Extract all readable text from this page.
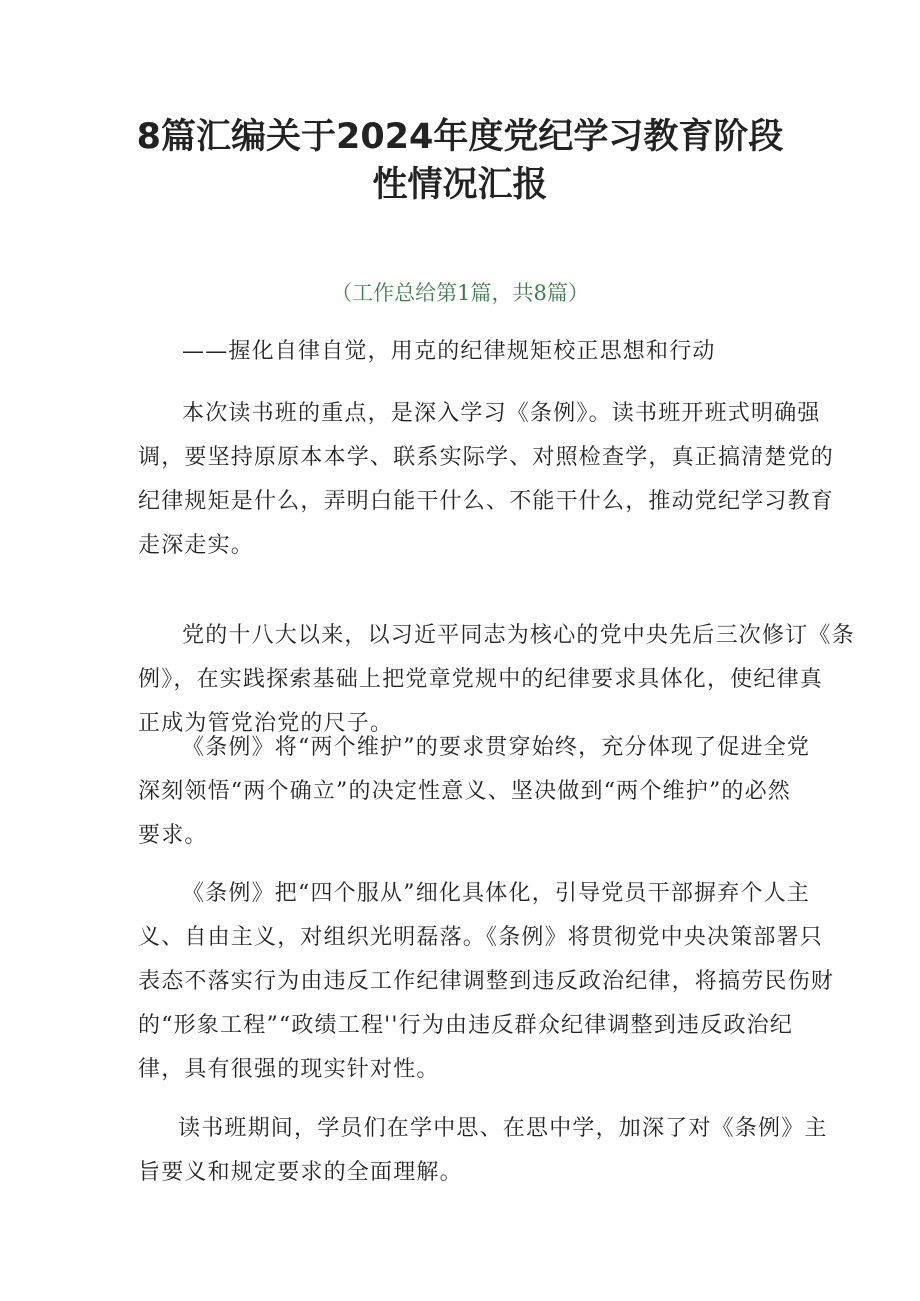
8篇汇编关于2024年度党纪学习教育阶段
性情况汇报
（工作总给第1篇，共8篇）
——握化自律自觉，用克的纪律规矩校正思想和行动
本次读书班的重点，是深入学习《条例》。读书班开班式明确强
调，要坚持原原本本学、联系实际学、对照检查学，真正搞清楚党的
纪律规矩是什么，弄明白能干什么、不能干什么，推动党纪学习教育
走深走实。
党的十八大以来，以习近平同志为核心的党中央先后三次修订《条
例》，在实践探索基础上把党章党规中的纪律要求具体化，使纪律真
正成为管党治党的尺子。
《条例》将“两个维护”的要求贯穿始终，充分体现了促进全党
深刻领悟“两个确立”的决定性意义、坚决做到“两个维护”的必然
要求。
《条例》把“四个服从”细化具体化，引导党员干部摒弃个人主
义、自由主义，对组织光明磊落。《条例》将贯彻党中央决策部署只
表态不落实行为由违反工作纪律调整到违反政治纪律，将搞劳民伤财
的“形象工程”“政绩工程''行为由违反群众纪律调整到违反政治纪
律，具有很强的现实针对性。
读书班期间，学员们在学中思、在思中学，加深了对《条例》主
旨要义和规定要求的全面理解。
